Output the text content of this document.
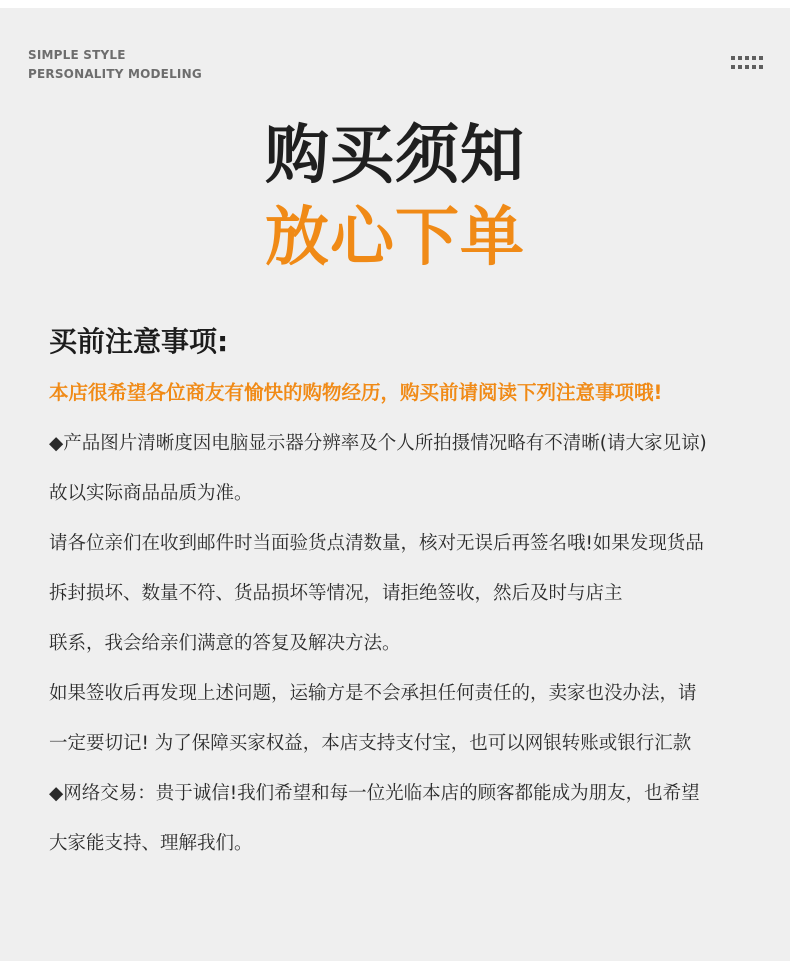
SIMPLE STYLE
PERSONALITY MODELING
购买须知
放心下单
买前注意事项:
本店很希望各位商友有愉快的购物经历，购买前请阅读下列注意事项哦!
◆产品图片清晰度因电脑显示器分辨率及个人所拍摄情况略有不清晰(请大家见谅)
故以实际商品品质为准。
请各位亲们在收到邮件时当面验货点清数量，核对无误后再签名哦!如果发现货品
拆封损坏、数量不符、货品损坏等情况，请拒绝签收，然后及时与店主
联系，我会给亲们满意的答复及解决方法。
如果签收后再发现上述问题，运输方是不会承担任何责任的，卖家也没办法，请
一定要切记! 为了保障买家权益，本店支持支付宝，也可以网银转账或银行汇款
◆网络交易：贵于诚信!我们希望和每一位光临本店的顾客都能成为朋友，也希望
大家能支持、理解我们。
